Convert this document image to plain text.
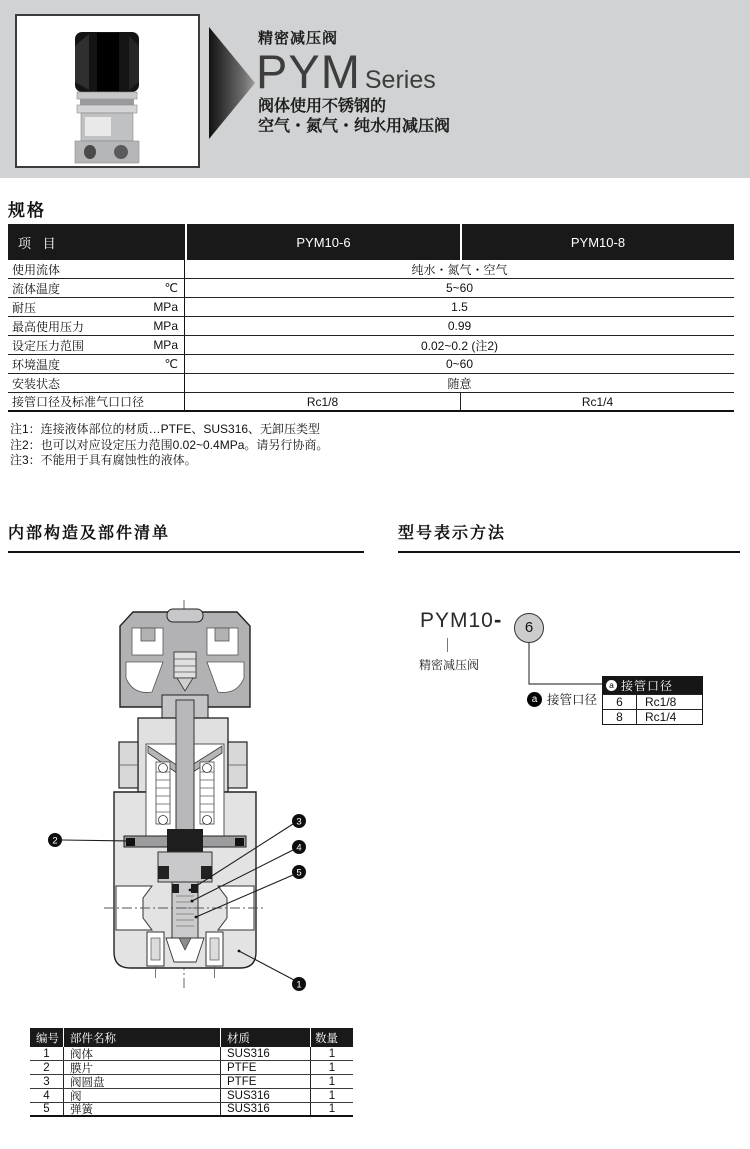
精密减压阀
PYM Series
阀体使用不锈钢的
空气・氮气・纯水用减压阀
规格
项 目	PYM10-6	PYM10-8
使用流体	纯水・氮气・空气
流体温度	℃	5~60
耐压	MPa	1.5
最高使用压力	MPa	0.99
设定压力范围	MPa	0.02~0.2 (注2)
环境温度	℃	0~60
安装状态	随意
接管口径及标准气口口径	Rc1/8	Rc1/4
注1：连接液体部位的材质…PTFE、SUS316、无卸压类型
注2：也可以对应设定压力范围0.02~0.4MPa。请另行协商。
注3：不能用于具有腐蚀性的液体。
内部构造及部件清单	型号表示方法
2
3
4
5
1
PYM10 -	6
精密减压阀
a 接管口径
a 接管口径
6	Rc1/8
8	Rc1/4
编号 部件名称	材质	数量
1	阀体	SUS316	1
2	膜片	PTFE	1
3	阀圆盘	PTFE	1
4	阀	SUS316	1
5	弹簧	SUS316	1
